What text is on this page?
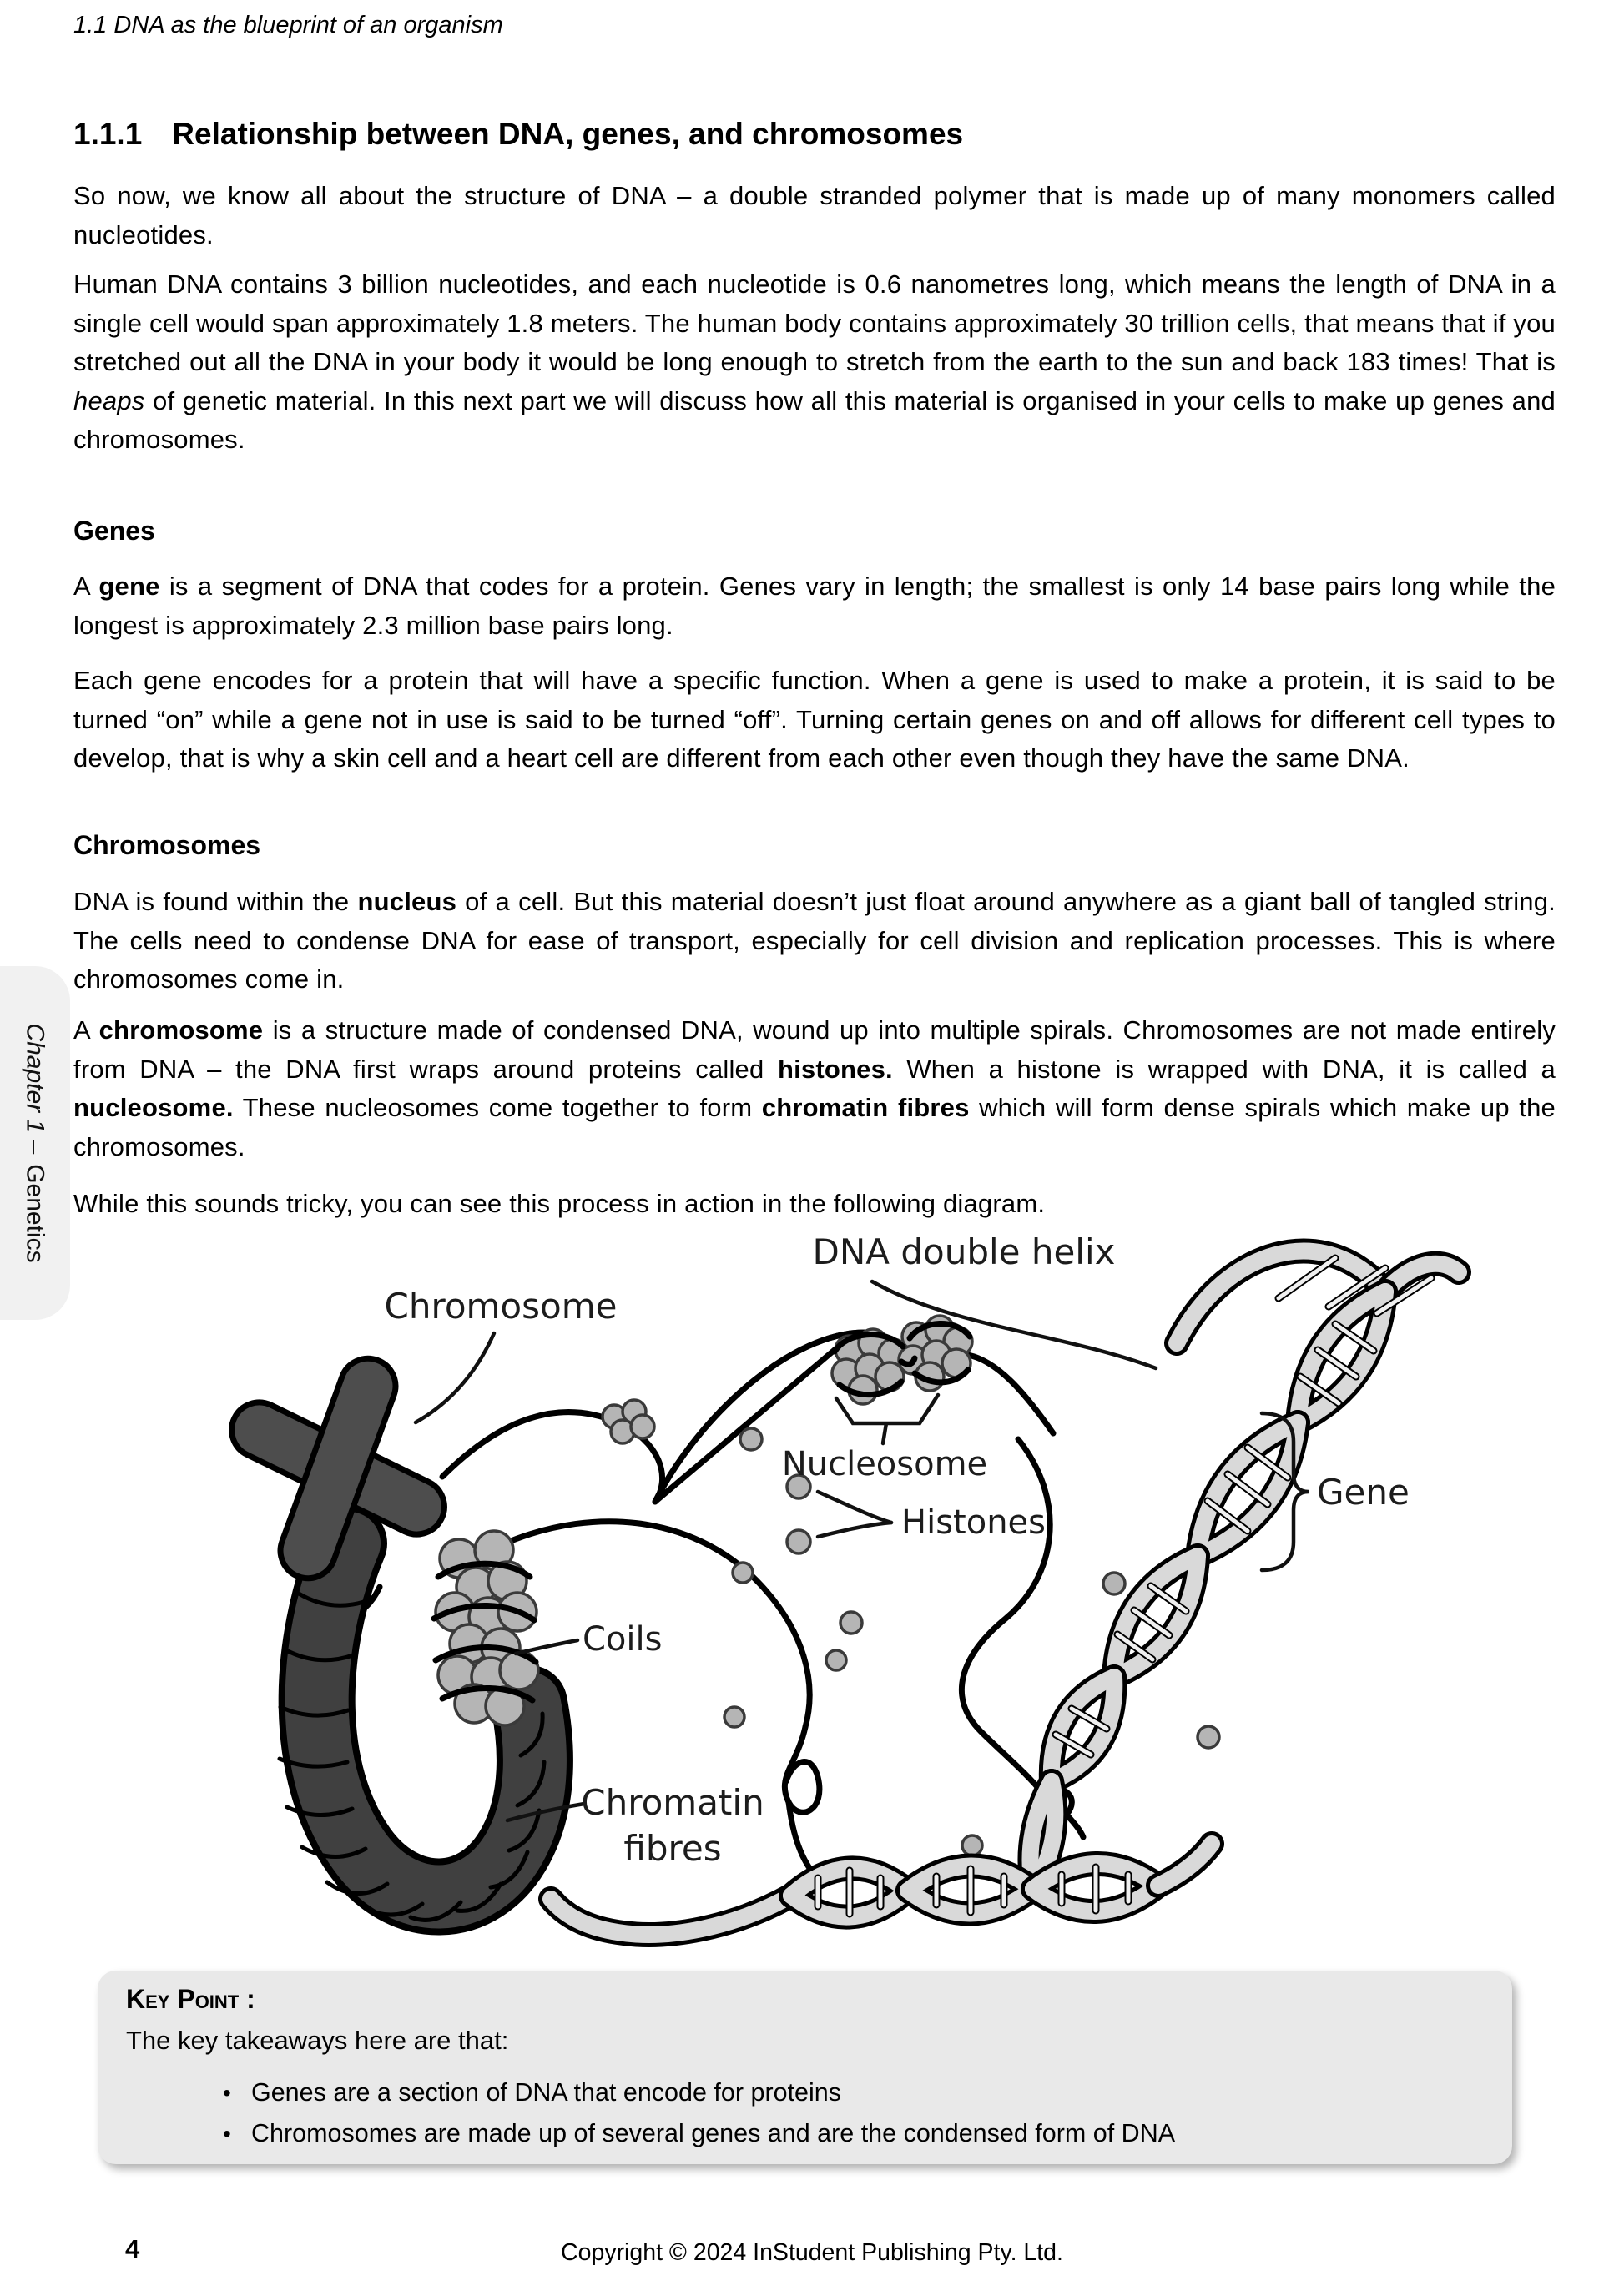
1.1 DNA as the blueprint of an organism
1.1.1 Relationship between DNA, genes, and chromosomes
So now, we know all about the structure of DNA – a double stranded polymer that is made up of many monomers called nucleotides.
Human DNA contains 3 billion nucleotides, and each nucleotide is 0.6 nanometres long, which means the length of DNA in a single cell would span approximately 1.8 meters. The human body contains approximately 30 trillion cells, that means that if you stretched out all the DNA in your body it would be long enough to stretch from the earth to the sun and back 183 times! That is heaps of genetic material. In this next part we will discuss how all this material is organised in your cells to make up genes and chromosomes.
Genes
A gene is a segment of DNA that codes for a protein. Genes vary in length; the smallest is only 14 base pairs long while the longest is approximately 2.3 million base pairs long.
Each gene encodes for a protein that will have a specific function. When a gene is used to make a protein, it is said to be turned “on” while a gene not in use is said to be turned “off”. Turning certain genes on and off allows for different cell types to develop, that is why a skin cell and a heart cell are different from each other even though they have the same DNA.
Chromosomes
DNA is found within the nucleus of a cell. But this material doesn’t just float around anywhere as a giant ball of tangled string. The cells need to condense DNA for ease of transport, especially for cell division and replication processes. This is where chromosomes come in.
A chromosome is a structure made of condensed DNA, wound up into multiple spirals. Chromosomes are not made entirely from DNA – the DNA first wraps around proteins called histones. When a histone is wrapped with DNA, it is called a nucleosome. These nucleosomes come together to form chromatin fibres which will form dense spirals which make up the chromosomes.
While this sounds tricky, you can see this process in action in the following diagram.
DNA double helix
Chromosome
Nucleosome
Histones
Gene
Coils
Chromatin
fibres
Key Point :
The key takeaways here are that:
• Genes are a section of DNA that encode for proteins
• Chromosomes are made up of several genes and are the condensed form of DNA
Chapter 1 –Genetics
4	Copyright © 2024 InStudent Publishing Pty. Ltd.
